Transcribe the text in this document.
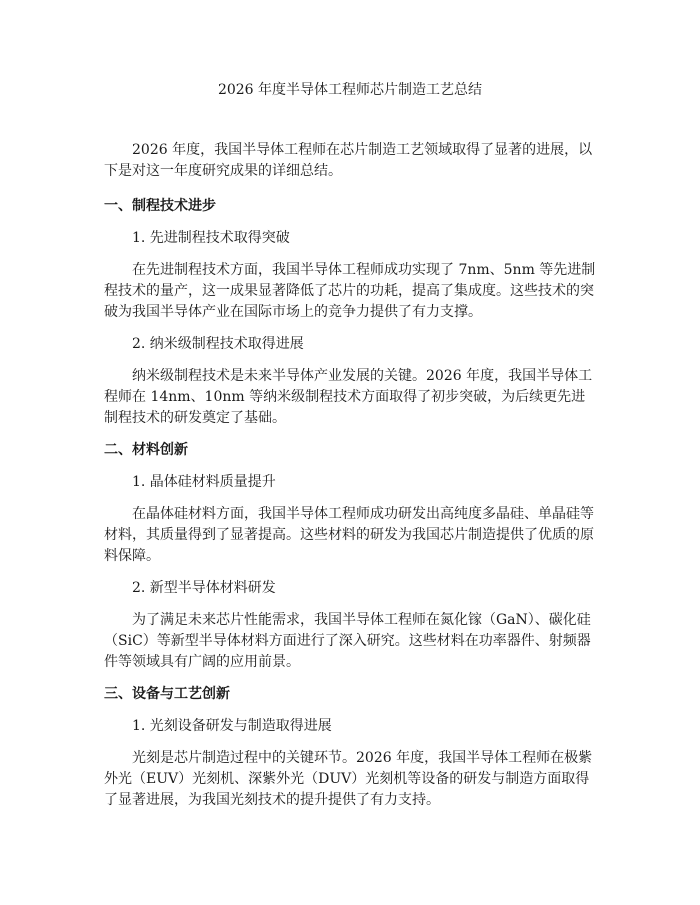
2026 年度半导体工程师芯片制造工艺总结

2026 年度，我国半导体工程师在芯片制造工艺领域取得了显著的进展，以下是对这一年度研究成果的详细总结。

一、制程技术进步

1. 先进制程技术取得突破

在先进制程技术方面，我国半导体工程师成功实现了 7nm、5nm 等先进制程技术的量产，这一成果显著降低了芯片的功耗，提高了集成度。这些技术的突破为我国半导体产业在国际市场上的竞争力提供了有力支撑。

2. 纳米级制程技术取得进展

纳米级制程技术是未来半导体产业发展的关键。2026 年度，我国半导体工程师在 14nm、10nm 等纳米级制程技术方面取得了初步突破，为后续更先进制程技术的研发奠定了基础。

二、材料创新

1. 晶体硅材料质量提升

在晶体硅材料方面，我国半导体工程师成功研发出高纯度多晶硅、单晶硅等材料，其质量得到了显著提高。这些材料的研发为我国芯片制造提供了优质的原料保障。

2. 新型半导体材料研发

为了满足未来芯片性能需求，我国半导体工程师在氮化镓（GaN）、碳化硅（SiC）等新型半导体材料方面进行了深入研究。这些材料在功率器件、射频器件等领域具有广阔的应用前景。

三、设备与工艺创新

1. 光刻设备研发与制造取得进展

光刻是芯片制造过程中的关键环节。2026 年度，我国半导体工程师在极紫外光（EUV）光刻机、深紫外光（DUV）光刻机等设备的研发与制造方面取得了显著进展，为我国光刻技术的提升提供了有力支持。
